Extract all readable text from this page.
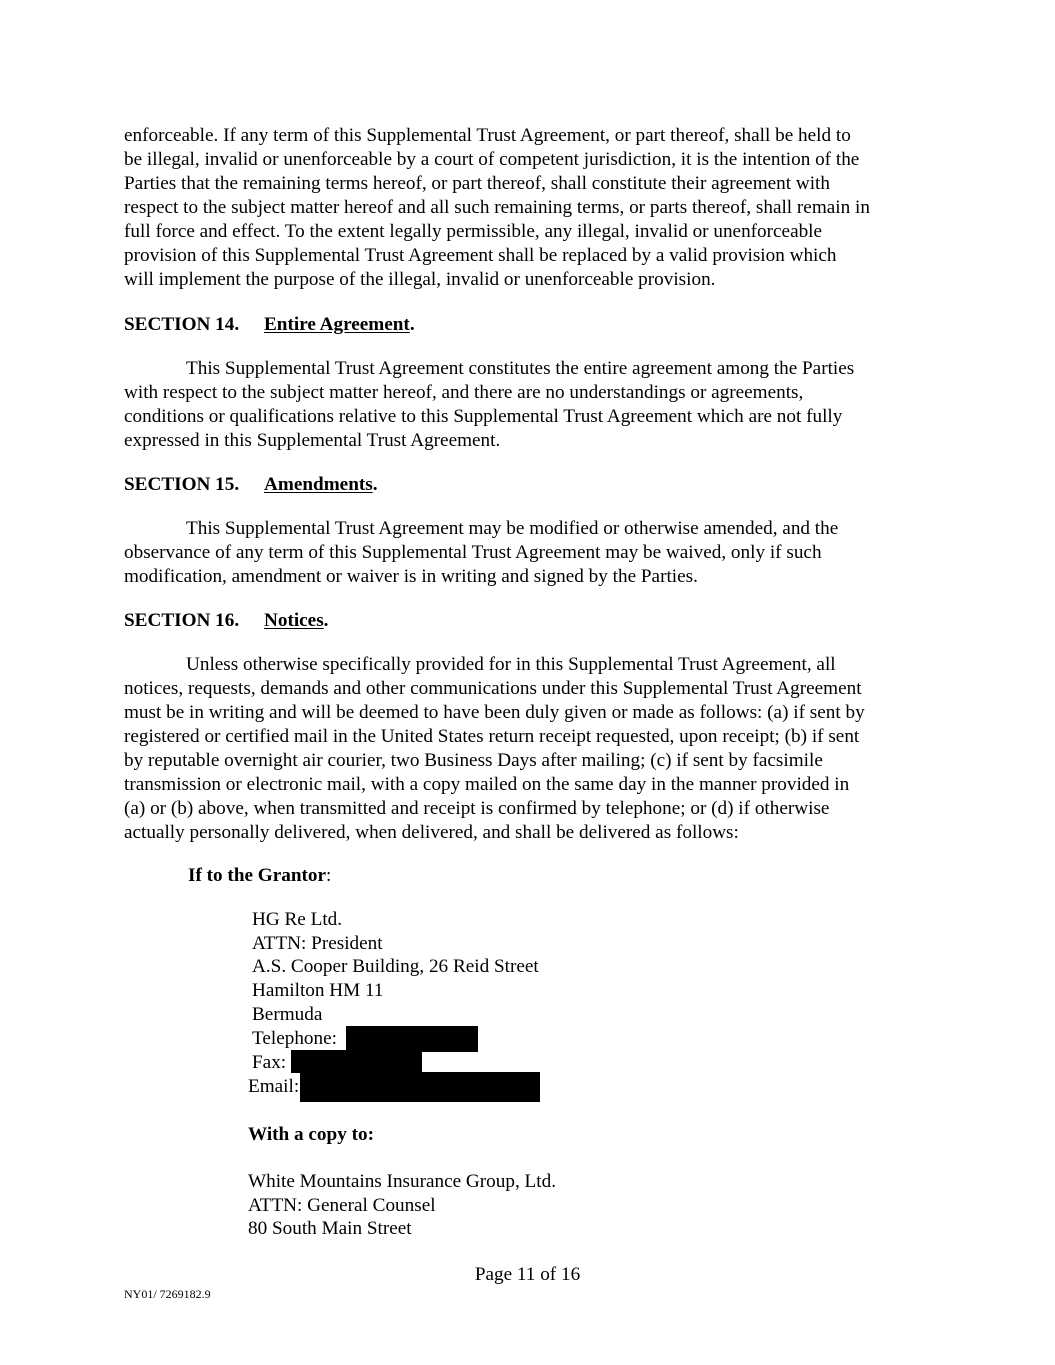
enforceable. If any term of this Supplemental Trust Agreement, or part thereof, shall be held to
be illegal, invalid or unenforceable by a court of competent jurisdiction, it is the intention of the
Parties that the remaining terms hereof, or part thereof, shall constitute their agreement with
respect to the subject matter hereof and all such remaining terms, or parts thereof, shall remain in
full force and effect. To the extent legally permissible, any illegal, invalid or unenforceable
provision of this Supplemental Trust Agreement shall be replaced by a valid provision which
will implement the purpose of the illegal, invalid or unenforceable provision.
SECTION 14. Entire Agreement.
This Supplemental Trust Agreement constitutes the entire agreement among the Parties
with respect to the subject matter hereof, and there are no understandings or agreements,
conditions or qualifications relative to this Supplemental Trust Agreement which are not fully
expressed in this Supplemental Trust Agreement.
SECTION 15. Amendments.
This Supplemental Trust Agreement may be modified or otherwise amended, and the
observance of any term of this Supplemental Trust Agreement may be waived, only if such
modification, amendment or waiver is in writing and signed by the Parties.
SECTION 16. Notices.
Unless otherwise specifically provided for in this Supplemental Trust Agreement, all
notices, requests, demands and other communications under this Supplemental Trust Agreement
must be in writing and will be deemed to have been duly given or made as follows: (a) if sent by
registered or certified mail in the United States return receipt requested, upon receipt; (b) if sent
by reputable overnight air courier, two Business Days after mailing; (c) if sent by facsimile
transmission or electronic mail, with a copy mailed on the same day in the manner provided in
(a) or (b) above, when transmitted and receipt is confirmed by telephone; or (d) if otherwise
actually personally delivered, when delivered, and shall be delivered as follows:
If to the Grantor:
HG Re Ltd.
ATTN: President
A.S. Cooper Building, 26 Reid Street
Hamilton HM 11
Bermuda
Telephone:
Fax:
Email:
With a copy to:
White Mountains Insurance Group, Ltd.
ATTN: General Counsel
80 South Main Street
Page 11 of 16
NY01/ 7269182.9
